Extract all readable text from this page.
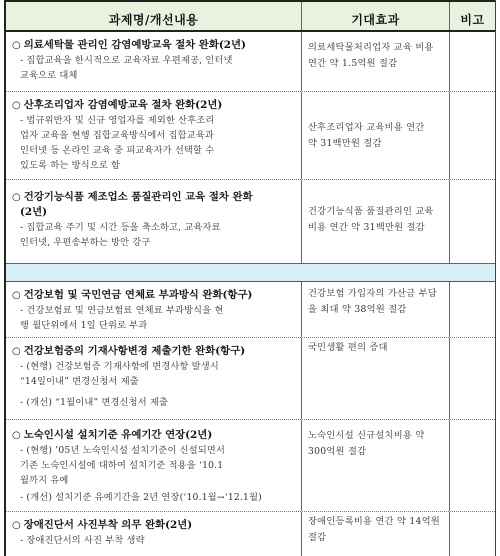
과제명/개선내용	기대효과	비고
○ 의료세탁물 관리인 감염예방교육 절차 완화(2년)
- 집합교육을 한시적으로 교육자료 우편제공, 인터넷
교육으로 대체
의료세탁물처리업자 교육 비용
연간 약 1.5억원 절감
○ 산후조리업자 감염예방교육 절차 완화(2년)
- 법규위반자 및 신규 영업자를 제외한 산후조리
업자 교육을 현행 집합교육방식에서 집합교육과
인터넷 등 온라인 교육 중 피교육자가 선택할 수
있도록 하는 방식으로 함
산후조리업자 교육비용 연간
약 31백만원 절감
○ 건강기능식품 제조업소 품질관리인 교육 절차 완화
(2년)
- 집합교육 주기 및 시간 등을 축소하고, 교육자료
인터넷, 우편송부하는 방안 강구
건강기능식품 품질관리인 교육
비용 연간 약 31백만원 절감
○ 건강보험 및 국민연금 연체료 부과방식 완화(항구)
- 건강보험료 및 연금보험료 연체료 부과방식을 현
행 월단위에서 1일 단위로 부과
건강보험 가입자의 가산금 부담
을 최대 약 38억원 절감
○ 건강보험증의 기재사항변경 제출기한 완화(항구)
- (현행) 건강보험증 기재사항에 변경사항 발생시
“14일이내” 변경신청서 제출
- (개선) “1월이내” 변경신청서 제출
국민생활 편의 증대
○ 노숙인시설 설치기준 유예기간 연장(2년)
- (현행) ’05년 노숙인시설 설치기준이 신설되면서
기존 노숙인시설에 대하여 설치기준 적용을 ‘10.1
월까지 유예
- (개선) 설치기준 유예기간을 2년 연장(‘10.1월→‘12.1월)
노숙인시설 신규설치비용 약
300억원 절감
○ 장애진단서 사진부착 의무 완화(2년)
- 장애진단서의 사진 부착 생략
장애인등록비용 연간 약 14억원
절감
